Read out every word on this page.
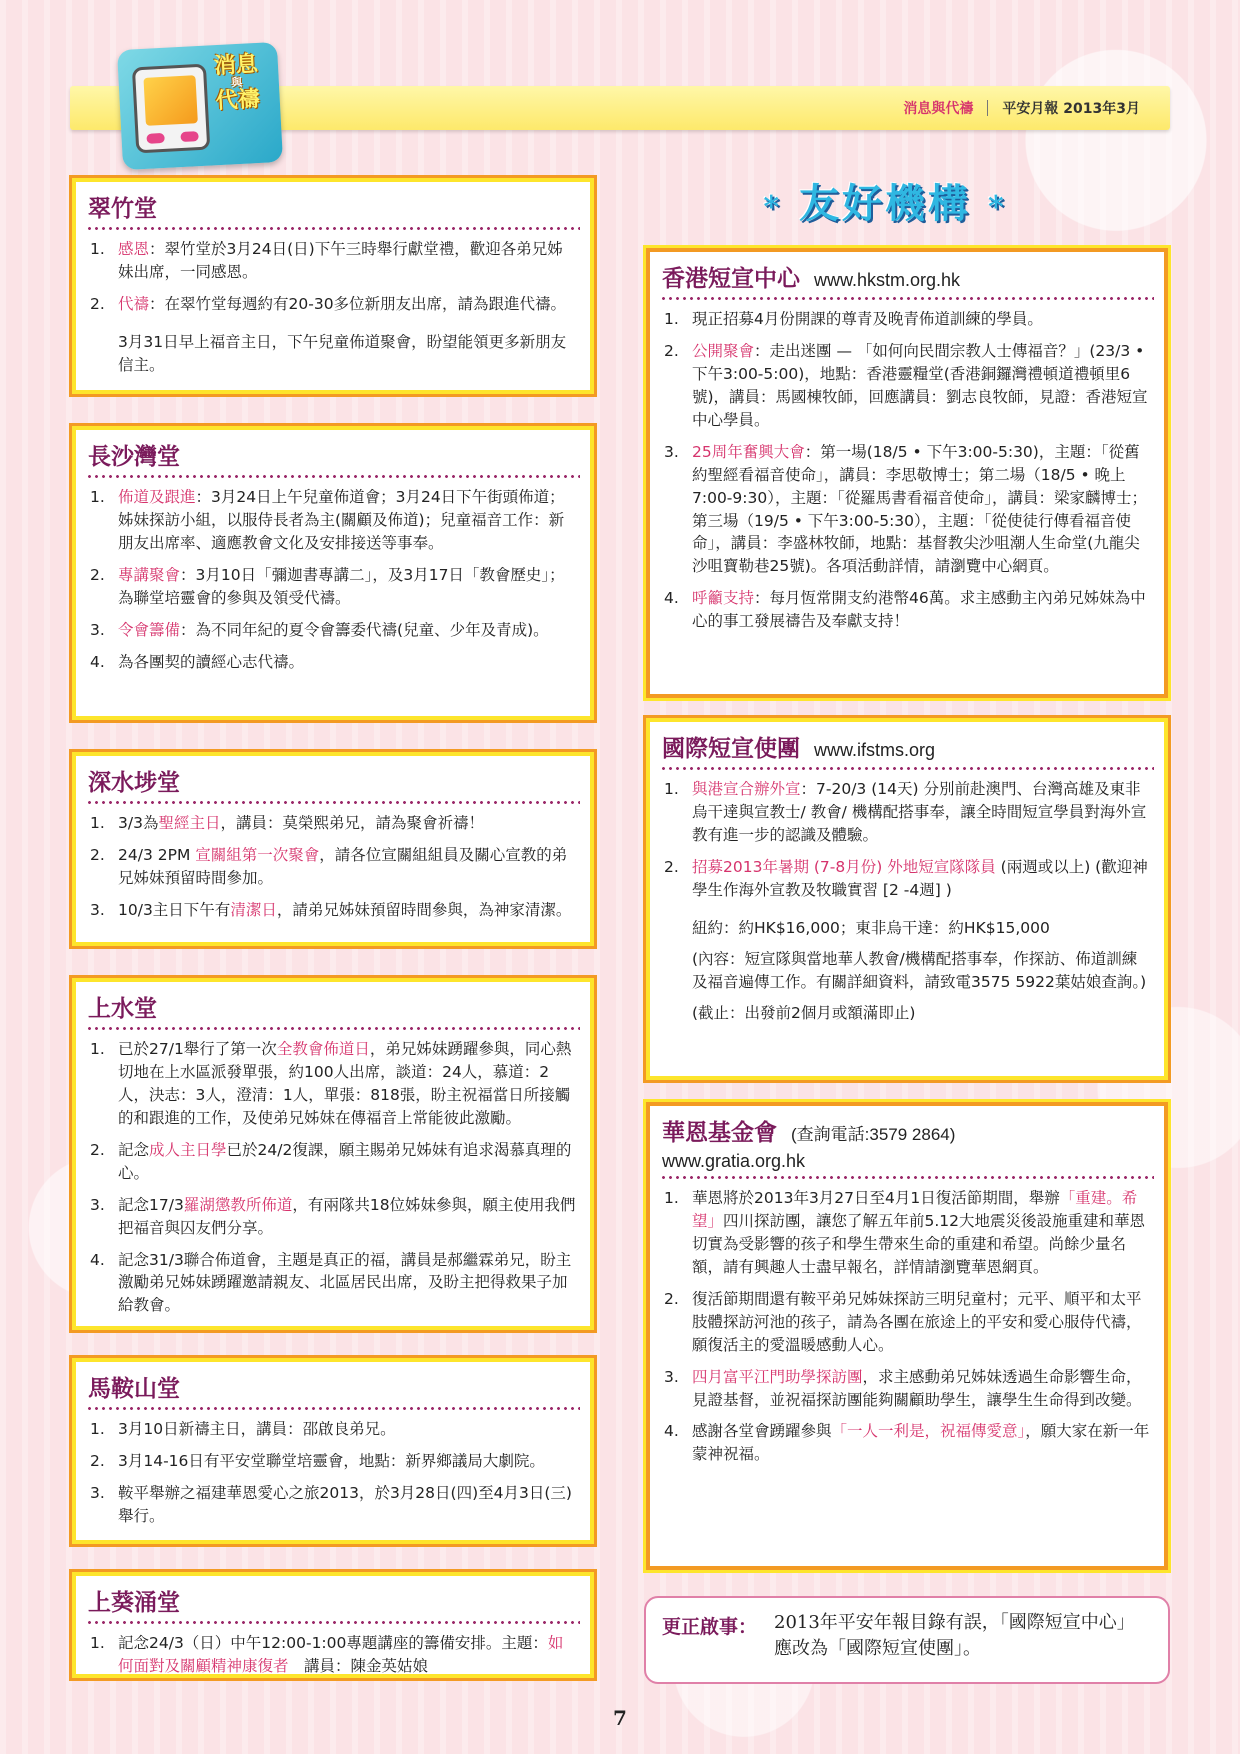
消息與代禱 平安月報 2013年3月
消息
與
代禱
翠竹堂
1. 感恩：翠竹堂於3月24日(日)下午三時舉行獻堂禮，歡迎各弟兄姊妹出席，一同感恩。
2. 代禱：在翠竹堂每週約有20-30多位新朋友出席，請為跟進代禱。
3月31日早上福音主日，下午兒童佈道聚會，盼望能領更多新朋友信主。
長沙灣堂
1. 佈道及跟進：3月24日上午兒童佈道會；3月24日下午街頭佈道；姊妹探訪小組，以服侍長者為主(關顧及佈道)；兒童福音工作：新朋友出席率、適應教會文化及安排接送等事奉。
2. 專講聚會：3月10日「彌迦書專講二」，及3月17日「教會歷史」；為聯堂培靈會的參與及領受代禱。
3. 令會籌備：為不同年紀的夏令會籌委代禱(兒童、少年及青成)。
4. 為各團契的讀經心志代禱。
深水埗堂
1. 3/3為聖經主日，講員：莫榮熙弟兄，請為聚會祈禱！
2. 24/3 2PM 宣關組第一次聚會，請各位宣關組組員及關心宣教的弟兄姊妹預留時間參加。
3. 10/3主日下午有清潔日，請弟兄姊妹預留時間參與，為神家清潔。
上水堂
1. 已於27/1舉行了第一次全教會佈道日，弟兄姊妹踴躍參與，同心熱切地在上水區派發單張，約100人出席，談道：24人，慕道：2人，決志：3人，澄清：1人，單張：818張，盼主祝福當日所接觸的和跟進的工作，及使弟兄姊妹在傳福音上常能彼此激勵。
2. 記念成人主日學已於24/2復課，願主賜弟兄姊妹有追求渴慕真理的心。
3. 記念17/3羅湖懲教所佈道，有兩隊共18位姊妹參與，願主使用我們把福音與囚友們分享。
4. 記念31/3聯合佈道會，主題是真正的福，講員是郝繼霖弟兄，盼主激勵弟兄姊妹踴躍邀請親友、北區居民出席，及盼主把得救果子加給教會。
馬鞍山堂
1. 3月10日新禱主日，講員：邵啟良弟兄。
2. 3月14-16日有平安堂聯堂培靈會，地點：新界鄉議局大劇院。
3. 鞍平舉辦之福建華恩愛心之旅2013，於3月28日(四)至4月3日(三)舉行。
上葵涌堂
1. 記念24/3（日）中午12:00-1:00專題講座的籌備安排。主題：如何面對及關顧精神康復者　講員：陳金英姑娘
* 友好機構 *
香港短宣中心 www.hkstm.org.hk
1. 現正招募4月份開課的尊青及晚青佈道訓練的學員。
2. 公開聚會：走出迷團 — 「如何向民間宗教人士傳福音？」(23/3 • 下午3:00-5:00)，地點：香港靈糧堂(香港銅鑼灣禮頓道禮頓里6號)，講員：馬國棟牧師，回應講員：劉志良牧師，見證：香港短宣中心學員。
3. 25周年奮興大會：第一場(18/5 • 下午3:00-5:30)，主題：「從舊約聖經看福音使命」，講員：李思敬博士；第二場（18/5 • 晚上7:00-9:30），主題：「從羅馬書看福音使命」，講員：梁家麟博士；第三場（19/5 • 下午3:00-5:30），主題：「從使徒行傳看福音使命」，講員：李盛林牧師，地點：基督教尖沙咀潮人生命堂(九龍尖沙咀寶勒巷25號)。各項活動詳情，請瀏覽中心網頁。
4. 呼籲支持：每月恆常開支約港幣46萬。求主感動主內弟兄姊妹為中心的事工發展禱告及奉獻支持！
國際短宣使團 www.ifstms.org
1. 與港宣合辦外宣：7-20/3 (14天) 分別前赴澳門、台灣高雄及東非烏干達與宣教士/ 教會/ 機構配搭事奉，讓全時間短宣學員對海外宣教有進一步的認識及體驗。
2. 招募2013年暑期 (7-8月份) 外地短宣隊隊員 (兩週或以上) (歡迎神學生作海外宣教及牧職實習 [2 -4週] )
紐約：約HK$16,000；東非烏干達：約HK$15,000
(內容：短宣隊與當地華人教會/機構配搭事奉，作探訪、佈道訓練及福音遍傳工作。有關詳細資料，請致電3575 5922葉姑娘查詢。)
(截止：出發前2個月或額滿即止)
華恩基金會 (查詢電話:3579 2864)
www.gratia.org.hk
1. 華恩將於2013年3月27日至4月1日復活節期間，舉辦「重建。希望」四川探訪團，讓您了解五年前5.12大地震災後設施重建和華恩切實為受影響的孩子和學生帶來生命的重建和希望。尚餘少量名額，請有興趣人士盡早報名，詳情請瀏覽華恩網頁。
2. 復活節期間還有鞍平弟兄姊妹探訪三明兒童村；元平、順平和太平肢體探訪河池的孩子，請為各團在旅途上的平安和愛心服侍代禱，願復活主的愛溫暖感動人心。
3. 四月富平江門助學探訪團，求主感動弟兄姊妹透過生命影響生命，見證基督，並祝福探訪團能夠關顧助學生，讓學生生命得到改變。
4. 感謝各堂會踴躍參與「一人一利是，祝福傳愛意」，願大家在新一年蒙神祝福。
更正啟事： 2013年平安年報目錄有誤，「國際短宣中心」應改為「國際短宣使團」。
7
